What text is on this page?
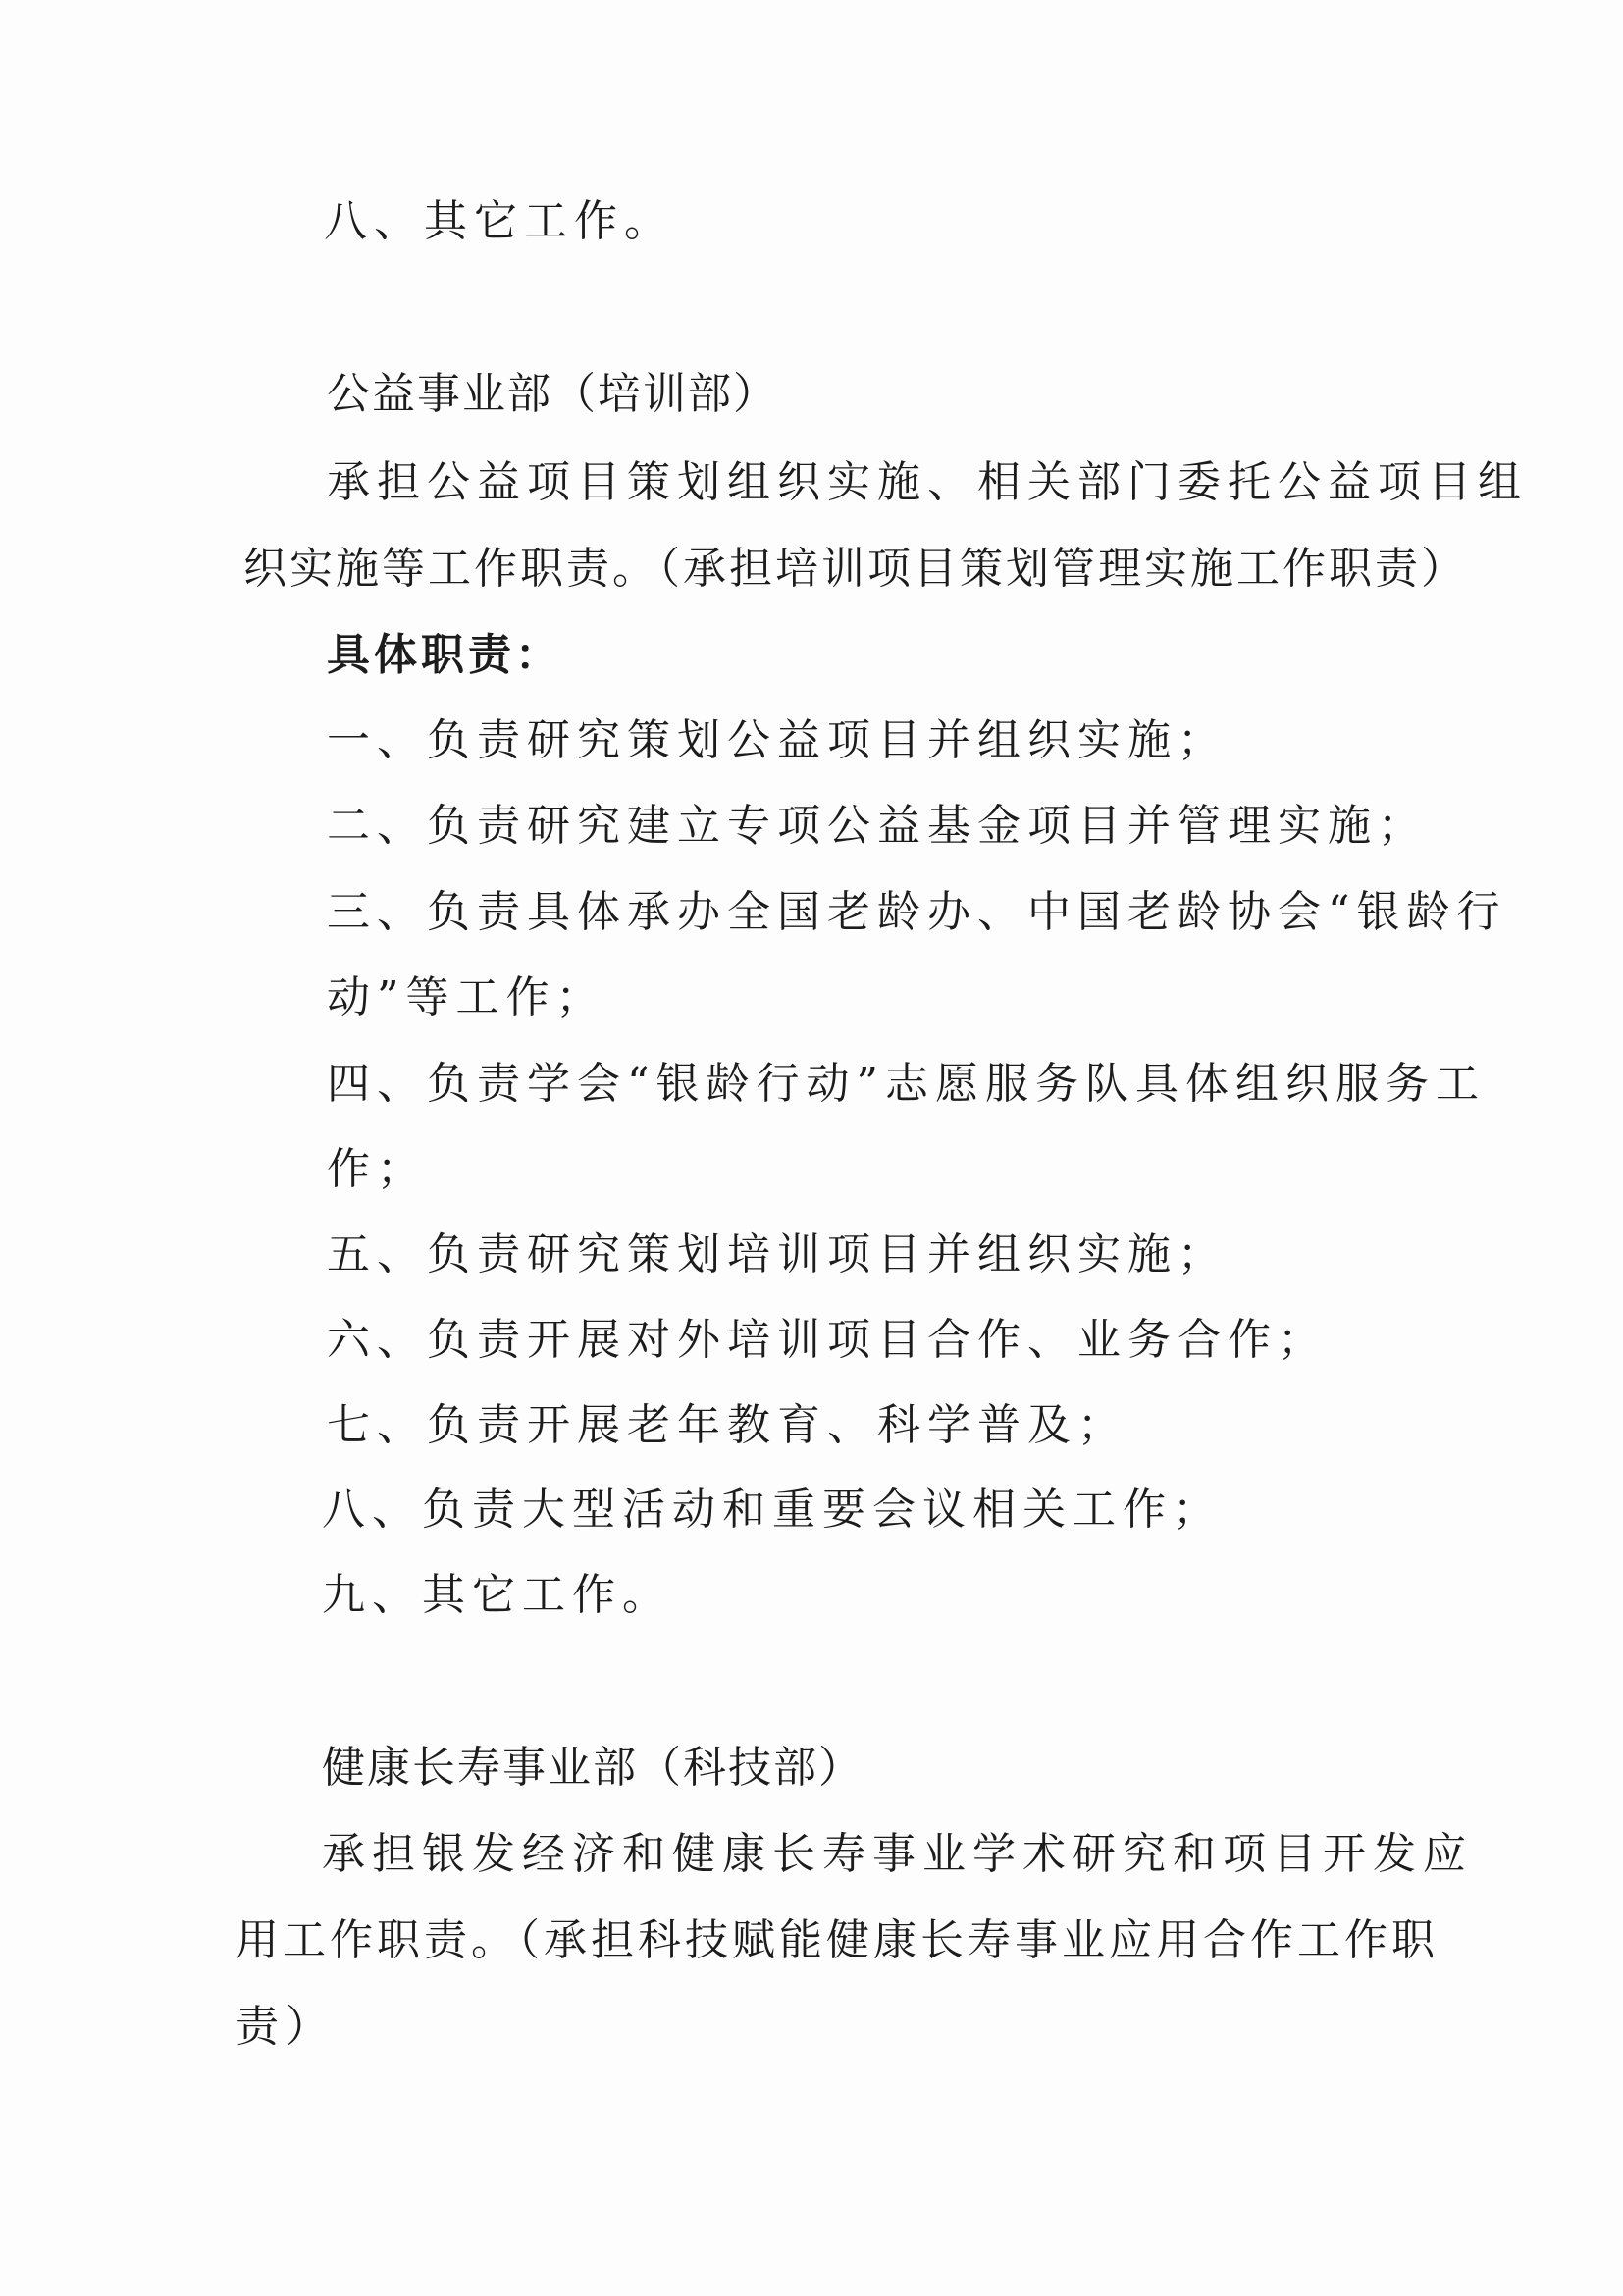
八、其它工作。
公益事业部（培训部）
承担公益项目策划组织实施、相关部门委托公益项目组
织实施等工作职责。（承担培训项目策划管理实施工作职责）
具体职责：
一、负责研究策划公益项目并组织实施；
二、负责研究建立专项公益基金项目并管理实施；
三、负责具体承办全国老龄办、中国老龄协会“银龄行
动”等工作；
四、负责学会“银龄行动”志愿服务队具体组织服务工
作；
五、负责研究策划培训项目并组织实施；
六、负责开展对外培训项目合作、业务合作；
七、负责开展老年教育、科学普及；
八、负责大型活动和重要会议相关工作；
九、其它工作。
健康长寿事业部（科技部）
承担银发经济和健康长寿事业学术研究和项目开发应
用工作职责。（承担科技赋能健康长寿事业应用合作工作职
责）
